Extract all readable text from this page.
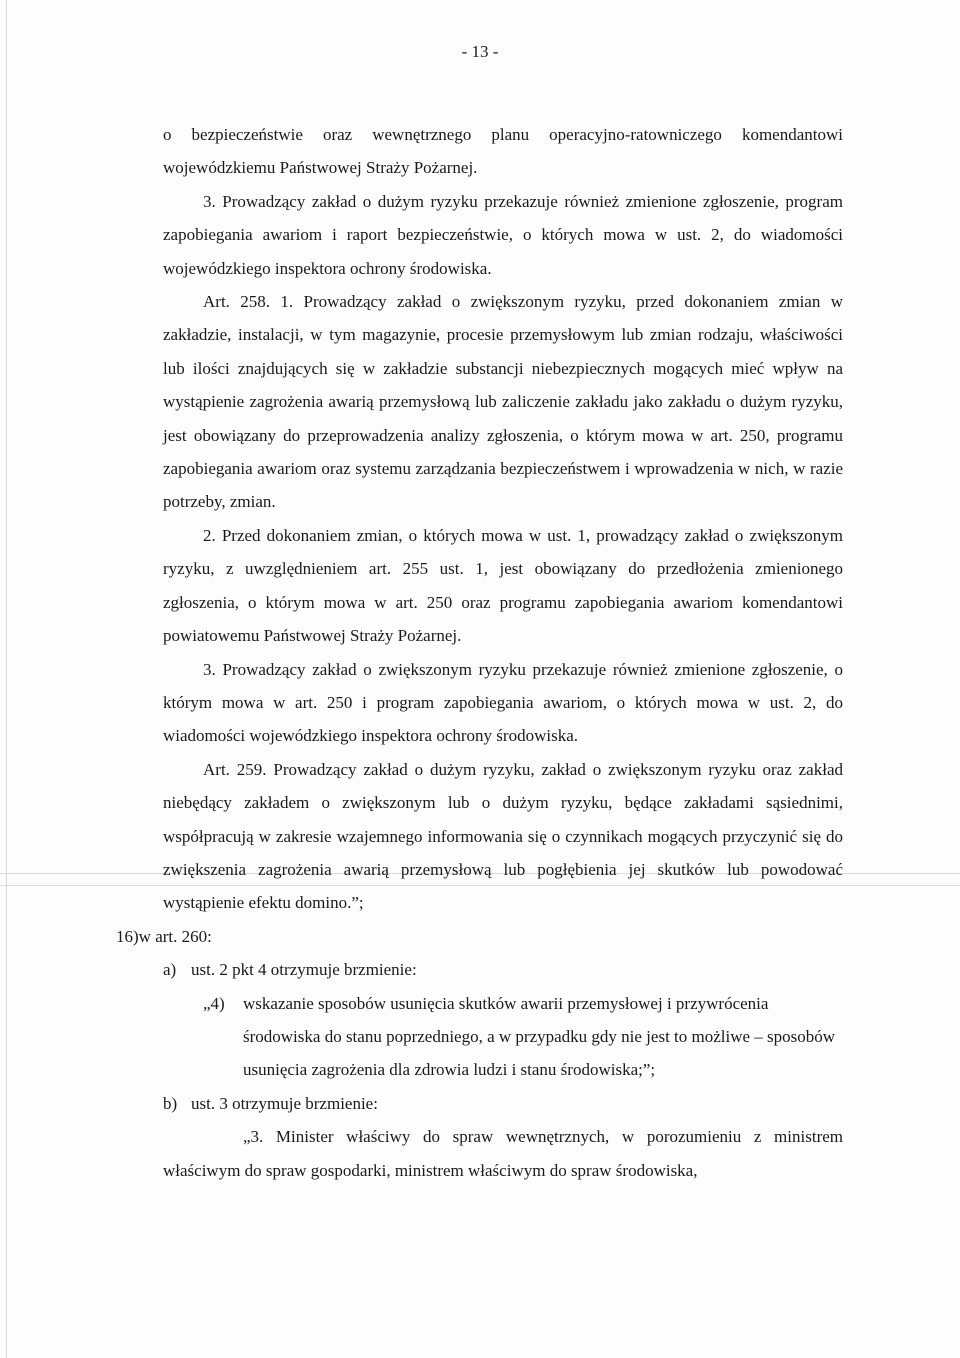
- 13 -

o bezpieczeństwie oraz wewnętrznego planu operacyjno-ratowniczego komendantowi wojewódzkiemu Państwowej Straży Pożarnej.

3. Prowadzący zakład o dużym ryzyku przekazuje również zmienione zgłoszenie, program zapobiegania awariom i raport bezpieczeństwie, o których mowa w ust. 2, do wiadomości wojewódzkiego inspektora ochrony środowiska.

Art. 258. 1. Prowadzący zakład o zwiększonym ryzyku, przed dokonaniem zmian w zakładzie, instalacji, w tym magazynie, procesie przemysłowym lub zmian rodzaju, właściwości lub ilości znajdujących się w zakładzie substancji niebezpiecznych mogących mieć wpływ na wystąpienie zagrożenia awarią przemysłową lub zaliczenie zakładu jako zakładu o dużym ryzyku, jest obowiązany do przeprowadzenia analizy zgłoszenia, o którym mowa w art. 250, programu zapobiegania awariom oraz systemu zarządzania bezpieczeństwem i wprowadzenia w nich, w razie potrzeby, zmian.

2. Przed dokonaniem zmian, o których mowa w ust. 1, prowadzący zakład o zwiększonym ryzyku, z uwzględnieniem art. 255 ust. 1, jest obowiązany do przedłożenia zmienionego zgłoszenia, o którym mowa w art. 250 oraz programu zapobiegania awariom komendantowi powiatowemu Państwowej Straży Pożarnej.

3. Prowadzący zakład o zwiększonym ryzyku przekazuje również zmienione zgłoszenie, o którym mowa w art. 250 i program zapobiegania awariom, o których mowa w ust. 2, do wiadomości wojewódzkiego inspektora ochrony środowiska.

Art. 259. Prowadzący zakład o dużym ryzyku, zakład o zwiększonym ryzyku oraz zakład niebędący zakładem o zwiększonym lub o dużym ryzyku, będące zakładami sąsiednimi, współpracują w zakresie wzajemnego informowania się o czynnikach mogących przyczynić się do zwiększenia zagrożenia awarią przemysłową lub pogłębienia jej skutków lub powodować wystąpienie efektu domino.”;

16)w art. 260:

a) ust. 2 pkt 4 otrzymuje brzmienie:
„4)	wskazanie sposobów usunięcia skutków awarii przemysłowej i przywrócenia środowiska do stanu poprzedniego, a w przypadku gdy nie jest to możliwe – sposobów usunięcia zagrożenia dla zdrowia ludzi i stanu środowiska;”;
b) ust. 3 otrzymuje brzmienie:

„3. Minister właściwy do spraw wewnętrznych, w porozumieniu z ministrem właściwym do spraw gospodarki, ministrem właściwym do spraw środowiska,
